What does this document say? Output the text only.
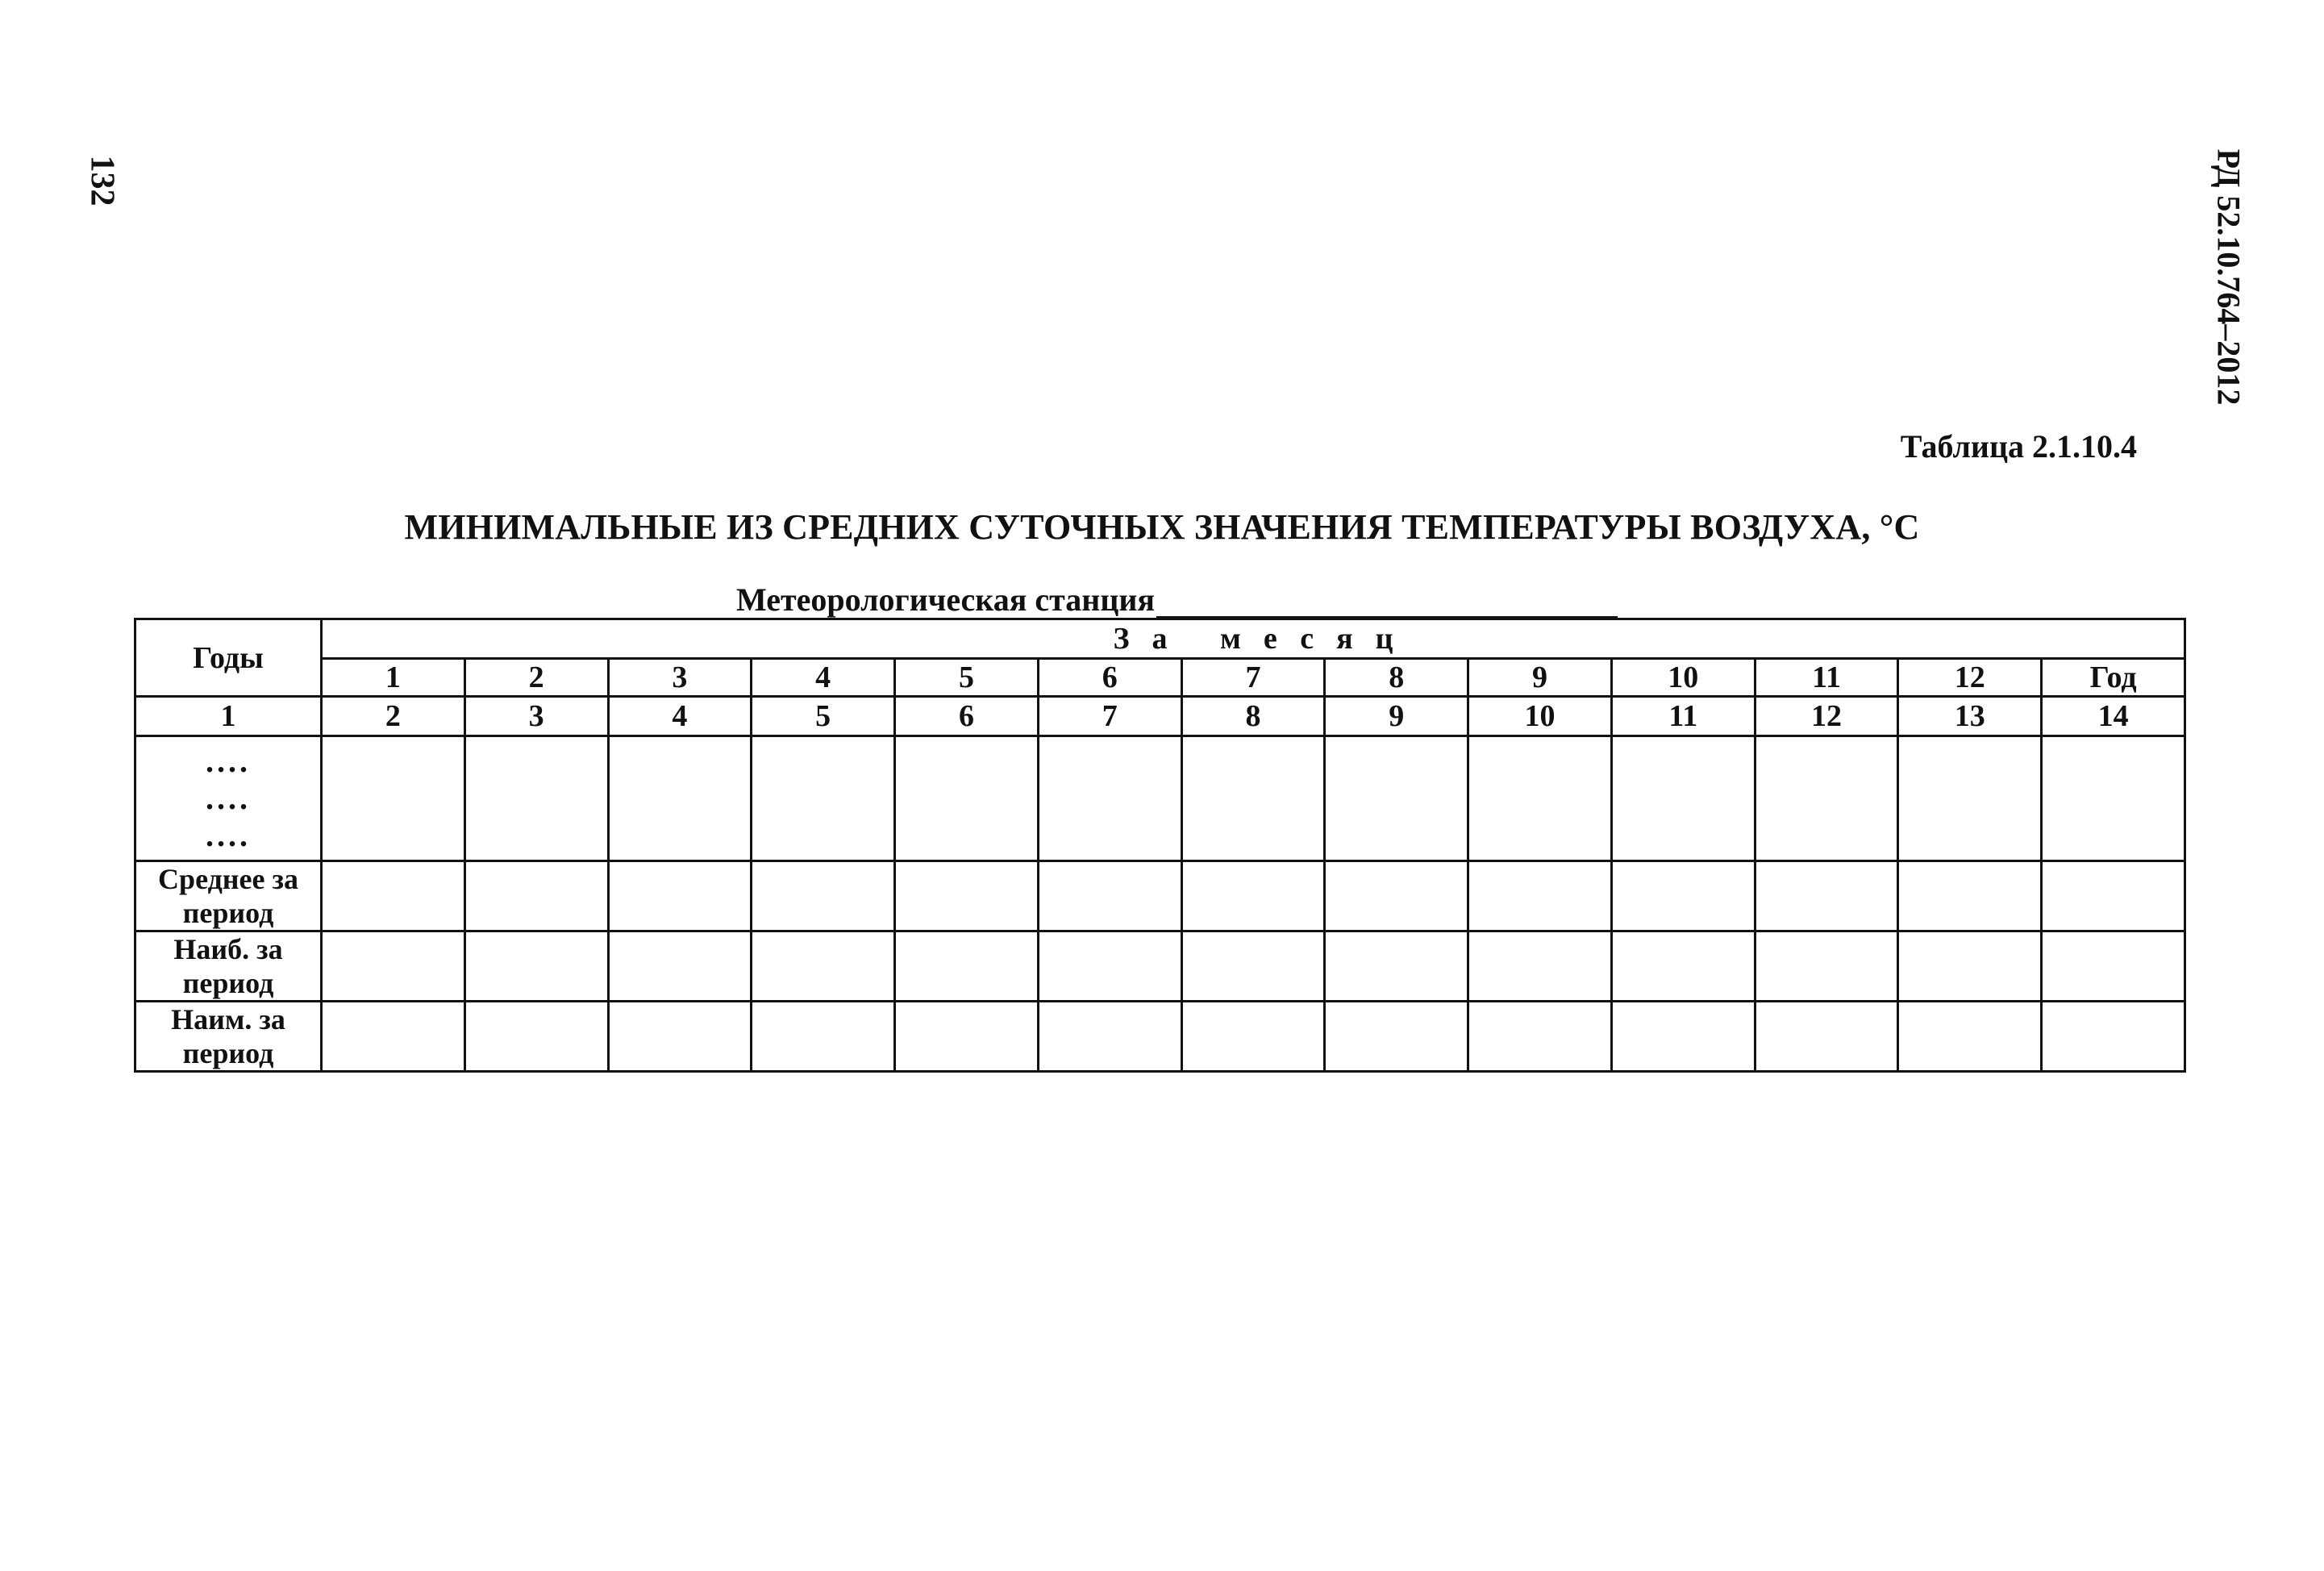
132	РД 52.10.764–2012
Таблица 2.1.10.4
МИНИМАЛЬНЫЕ ИЗ СРЕДНИХ СУТОЧНЫХ ЗНАЧЕНИЯ ТЕМПЕРАТУРЫ ВОЗДУХА, °С
Метеорологическая станция
Годы	За месяц												
	1	2	3	4	5	6	7	8	9	10	11	12	Год
1	2	3	4	5	6	7	8	9	10	11	12	13	14

....
....
....													

Среднее за
период													

Наиб. за
период													

Наим. за
период													
